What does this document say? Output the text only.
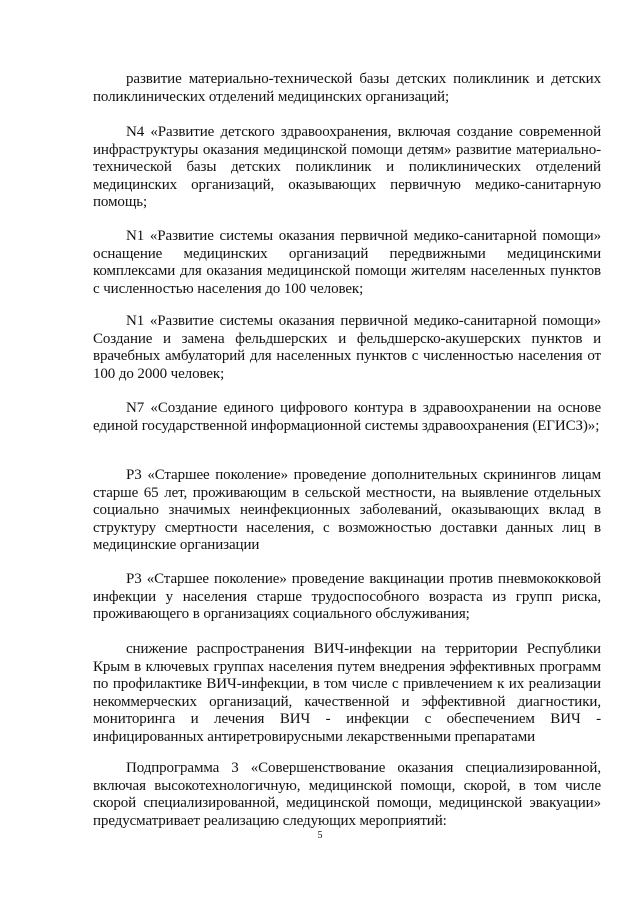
развитие материально-технической базы детских поликлиник и детских поликлинических отделений медицинских организаций;

N4 «Развитие детского здравоохранения, включая создание современной инфраструктуры оказания медицинской помощи детям» развитие материально-технической базы детских поликлиник и поликлинических отделений медицинских организаций, оказывающих первичную медико-санитарную помощь;

N1 «Развитие системы оказания первичной медико-санитарной помощи» оснащение медицинских организаций передвижными медицинскими комплексами для оказания медицинской помощи жителям населенных пунктов с численностью населения до 100 человек;

N1 «Развитие системы оказания первичной медико-санитарной помощи» Создание и замена фельдшерских и фельдшерско-акушерских пунктов и врачебных амбулаторий для населенных пунктов с численностью населения от 100 до 2000 человек;

N7 «Создание единого цифрового контура в здравоохранении на основе единой государственной информационной системы здравоохранения (ЕГИСЗ)»;

P3 «Старшее поколение» проведение дополнительных скринингов лицам старше 65 лет, проживающим в сельской местности, на выявление отдельных социально значимых неинфекционных заболеваний, оказывающих вклад в структуру смертности населения, с возможностью доставки данных лиц в медицинские организации

P3 «Старшее поколение» проведение вакцинации против пневмококковой инфекции у населения старше трудоспособного возраста из групп риска, проживающего в организациях социального обслуживания;

снижение распространения ВИЧ-инфекции на территории Республики Крым в ключевых группах населения путем внедрения эффективных программ по профилактике ВИЧ-инфекции, в том числе с привлечением к их реализации некоммерческих организаций, качественной и эффективной диагностики, мониторинга и лечения ВИЧ - инфекции с обеспечением ВИЧ - инфицированных антиретровирусными лекарственными препаратами

Подпрограмма 3 «Совершенствование оказания специализированной, включая высокотехнологичную, медицинской помощи, скорой, в том числе скорой специализированной, медицинской помощи, медицинской эвакуации» предусматривает реализацию следующих мероприятий:

5
